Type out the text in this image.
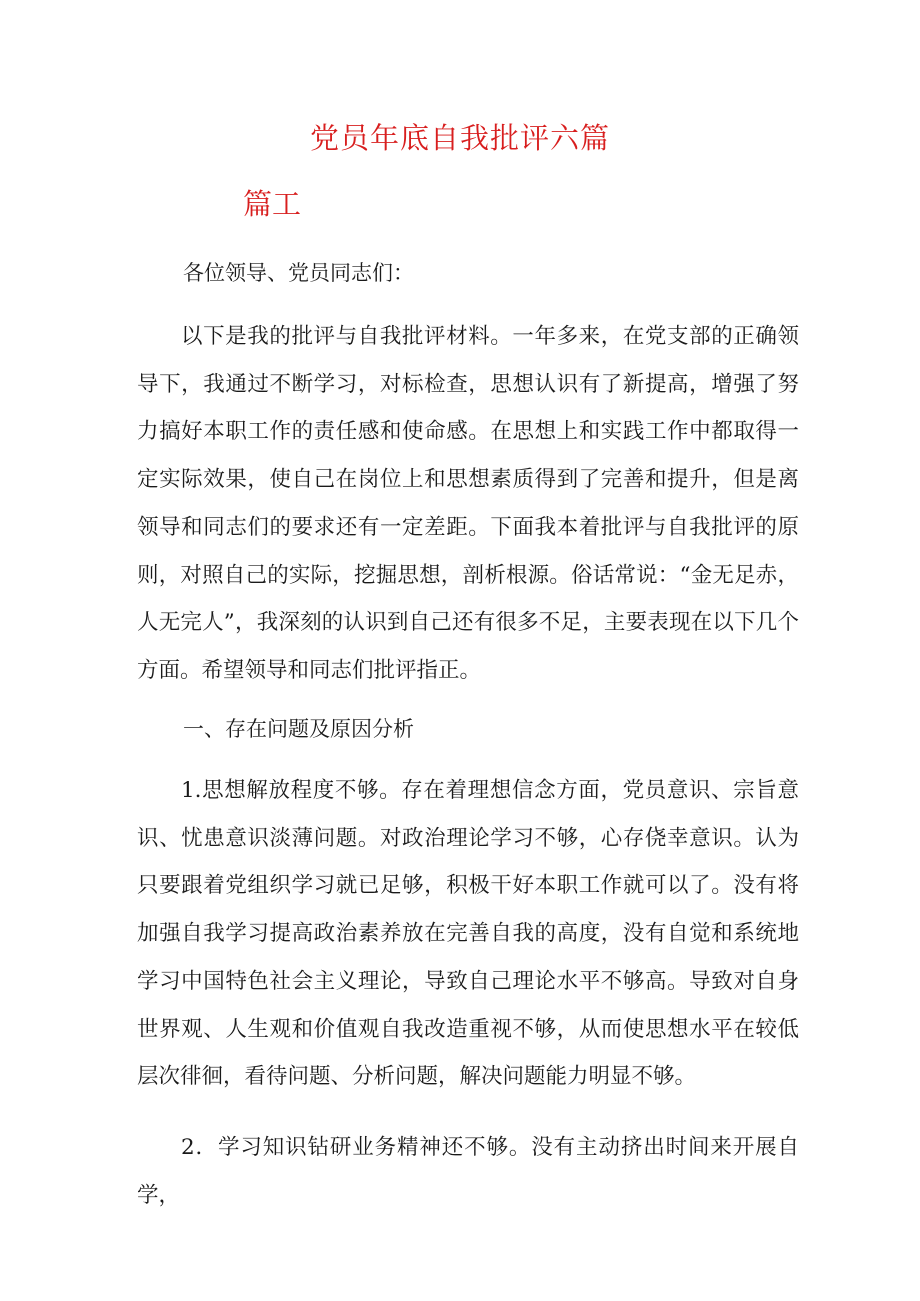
党员年底自我批评六篇
篇工

各位领导、党员同志们：

以下是我的批评与自我批评材料。一年多来，在党支部的正确领导下，我通过不断学习，对标检查，思想认识有了新提高，增强了努力搞好本职工作的责任感和使命感。在思想上和实践工作中都取得一定实际效果，使自己在岗位上和思想素质得到了完善和提升，但是离领导和同志们的要求还有一定差距。下面我本着批评与自我批评的原则，对照自己的实际，挖掘思想，剖析根源。俗话常说：“金无足赤，人无完人”，我深刻的认识到自己还有很多不足，主要表现在以下几个方面。希望领导和同志们批评指正。

一、存在问题及原因分析

1.思想解放程度不够。存在着理想信念方面，党员意识、宗旨意识、忧患意识淡薄问题。对政治理论学习不够，心存侥幸意识。认为只要跟着党组织学习就已足够，积极干好本职工作就可以了。没有将加强自我学习提高政治素养放在完善自我的高度，没有自觉和系统地学习中国特色社会主义理论，导致自己理论水平不够高。导致对自身世界观、人生观和价值观自我改造重视不够，从而使思想水平在较低层次徘徊，看待问题、分析问题，解决问题能力明显不够。

2．学习知识钻研业务精神还不够。没有主动挤出时间来开展自学，
